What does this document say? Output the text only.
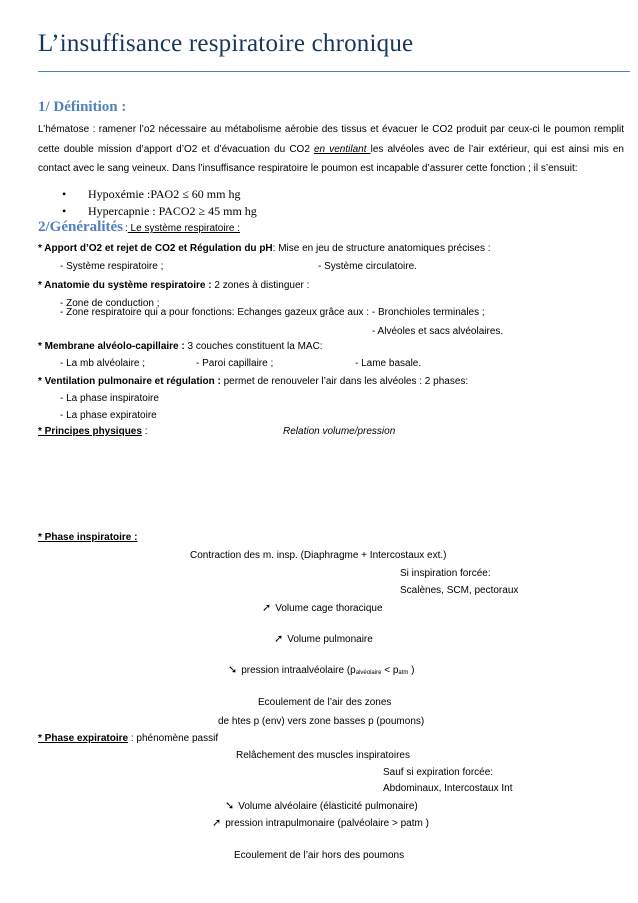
L’insuffisance respiratoire chronique
1/ Définition :
L’hématose : ramener l’o2 nécessaire au métabolisme aérobie des tissus et évacuer le CO2 produit par ceux-ci le poumon remplit cette double mission d’apport d’O2 et d’évacuation du CO2 en ventilant les alvéoles avec de l’air extérieur, qui est ainsi mis en contact avec le sang veineux. Dans l’insuffisance respiratoire le poumon est incapable d’assurer cette fonction ; il s’ensuit:
• Hypoxémie :PAO2 ≤ 60 mm hg
• Hypercapnie : PACO2 ≥ 45 mm hg
2/Généralités : Le système respiratoire :
* Apport d’O2 et rejet de CO2 et Régulation du pH: Mise en jeu de structure anatomiques précises :
- Système respiratoire ;	- Système circulatoire.
* Anatomie du système respiratoire : 2 zones à distinguer :
- Zone de conduction ;
- Zone respiratoire qui a pour fonctions: Echanges gazeux grâce aux : - Bronchioles terminales ;
- Alvéoles et sacs alvéolaires.
* Membrane alvéolo-capillaire : 3 couches constituent la MAC:
- La mb alvéolaire ;	- Paroi capillaire ;	- Lame basale.
* Ventilation pulmonaire et régulation : permet de renouveler l’air dans les alvéoles : 2 phases:
- La phase inspiratoire
- La phase expiratoire
* Principes physiques :	Relation volume/pression
* Phase inspiratoire :
Contraction des m. insp. (Diaphragme + Intercostaux ext.)
Si inspiration forcée:
Scalènes, SCM, pectoraux
➚ Volume cage thoracique
➚ Volume pulmonaire
➘ pression intraalvéolaire ($p_{alvéolaire} < p_{atm}$ )
Ecoulement de l’air des zones
de htes p (env) vers zone basses p (poumons)
* Phase expiratoire : phénomène passif
Relâchement des muscles inspiratoires
Sauf si expiration forcée:
Abdominaux, Intercostaux Int
➘ Volume alvéolaire (élasticité pulmonaire)
➚ pression intrapulmonaire (palvéolaire > patm )
Ecoulement de l’air hors des poumons
